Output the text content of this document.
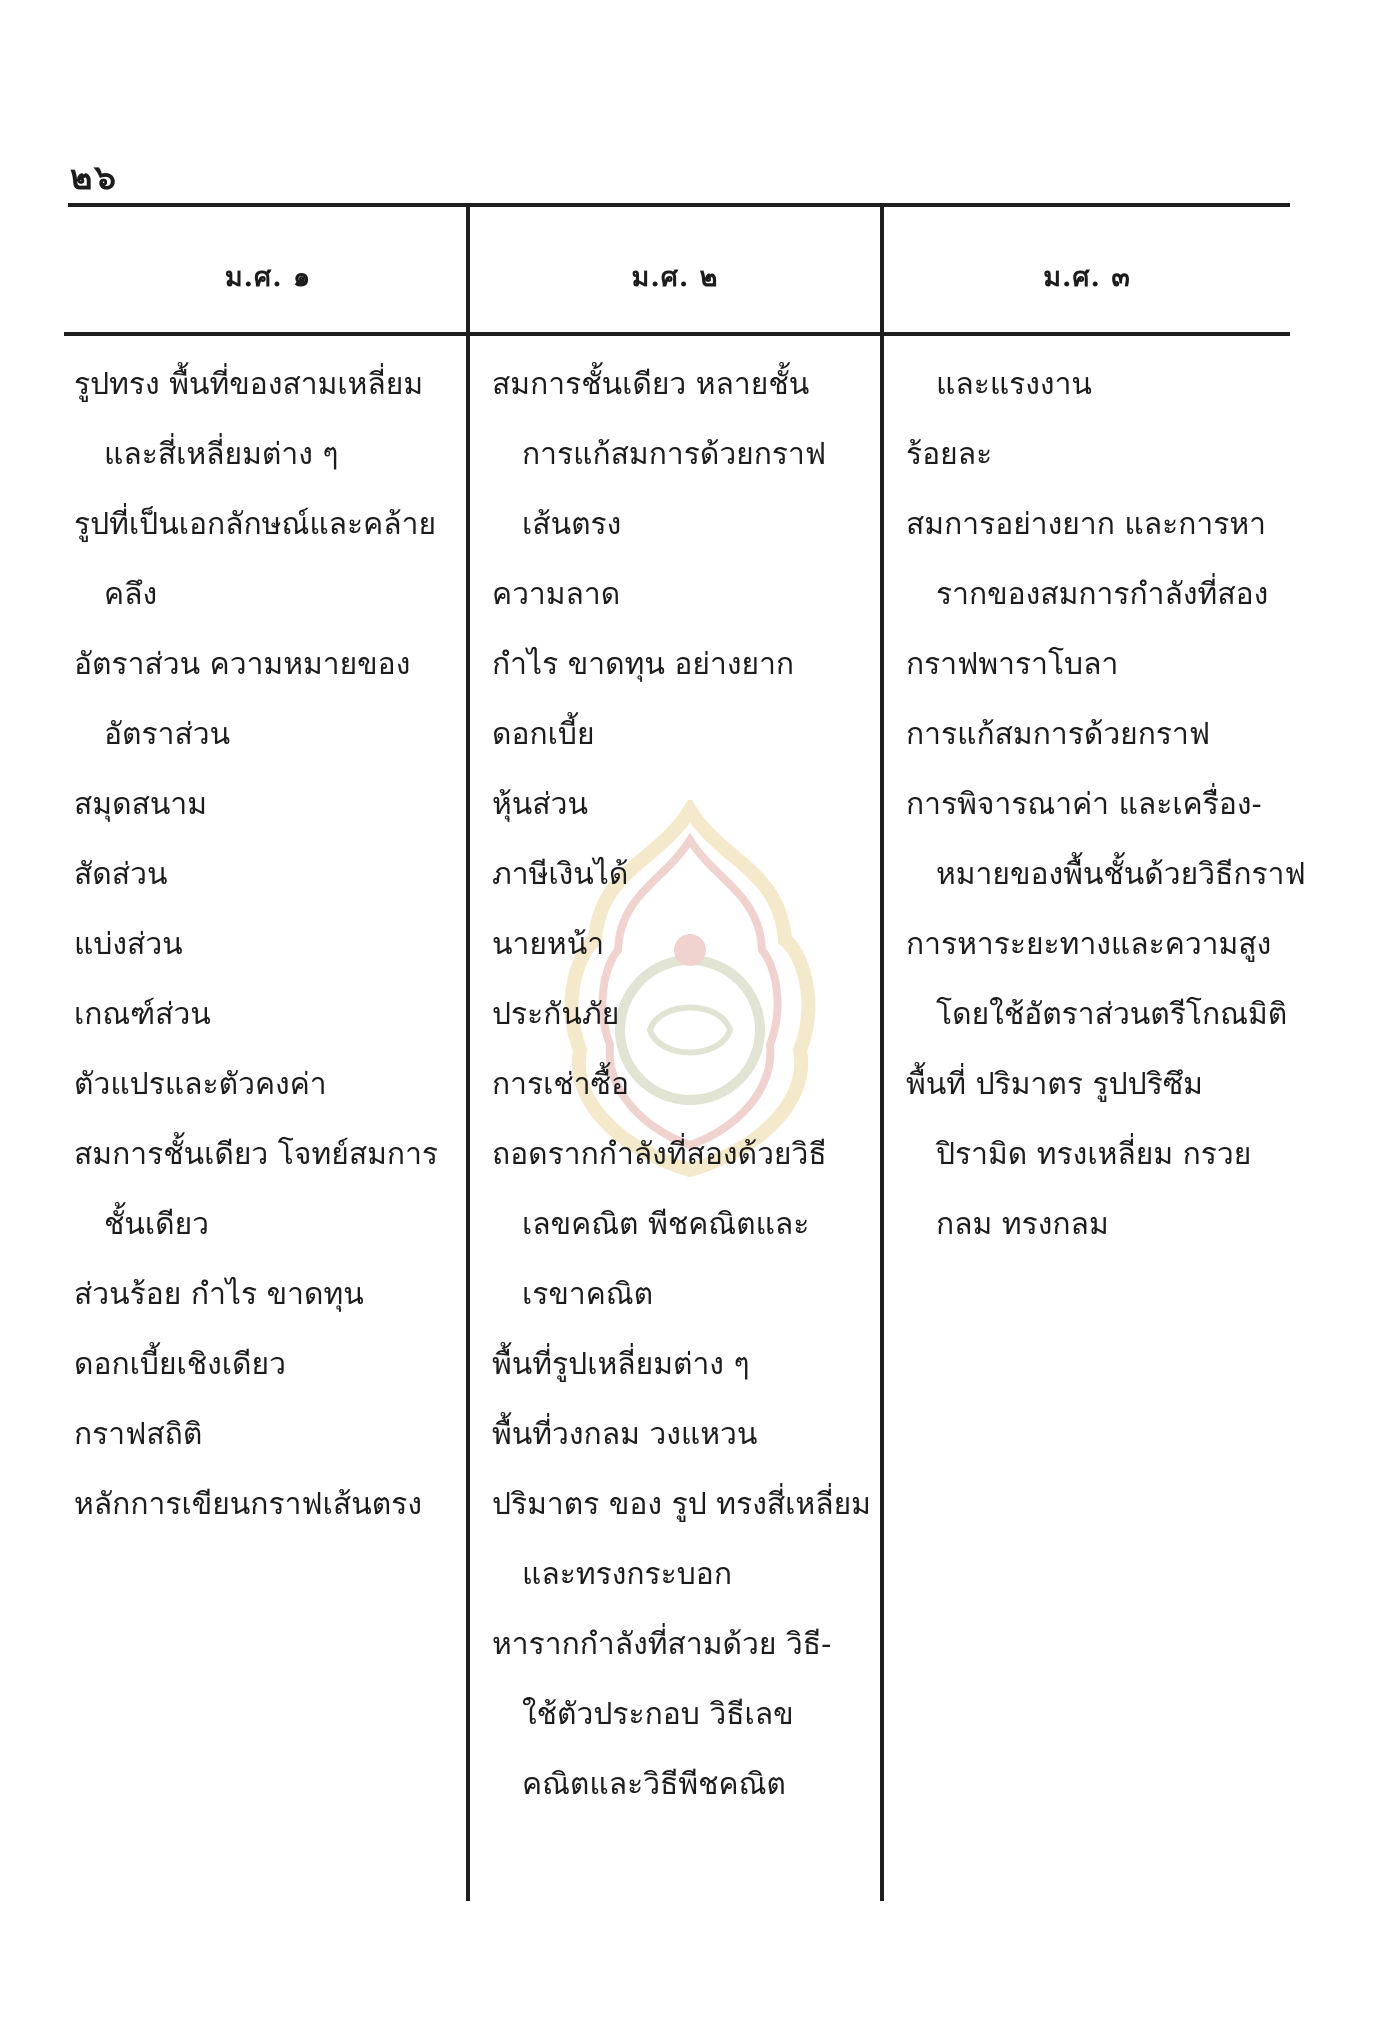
๒๖
ม.ศ. ๑	ม.ศ. ๒	ม.ศ. ๓
รูปทรง พื้นที่ของสามเหลี่ยม
และสี่เหลี่ยมต่าง ๆ
รูปที่เป็นเอกลักษณ์และคล้าย
คลึง
อัตราส่วน ความหมายของ
อัตราส่วน
สมุดสนาม
สัดส่วน
แบ่งส่วน
เกณฑ์ส่วน
ตัวแปรและตัวคงค่า
สมการชั้นเดียว โจทย์สมการ
ชั้นเดียว
ส่วนร้อย กำไร ขาดทุน
ดอกเบี้ยเชิงเดียว
กราฟสถิติ
หลักการเขียนกราฟเส้นตรง
สมการชั้นเดียว หลายชั้น
การแก้สมการด้วยกราฟ
เส้นตรง
ความลาด
กำไร ขาดทุน อย่างยาก
ดอกเบี้ย
หุ้นส่วน
ภาษีเงินได้
นายหน้า
ประกันภัย
การเช่าซื้อ
ถอดรากกำลังที่สองด้วยวิธี
เลขคณิต พีชคณิตและ
เรขาคณิต
พื้นที่รูปเหลี่ยมต่าง ๆ
พื้นที่วงกลม วงแหวน
ปริมาตร ของ รูป ทรงสี่เหลี่ยม
และทรงกระบอก
หารากกำลังที่สามด้วย วิธี-
ใช้ตัวประกอบ วิธีเลข
คณิตและวิธีพีชคณิต
และแรงงาน
ร้อยละ
สมการอย่างยาก และการหา
รากของสมการกำลังที่สอง
กราฟพาราโบลา
การแก้สมการด้วยกราฟ
การพิจารณาค่า และเครื่อง-
หมายของพื้นชั้นด้วยวิธีกราฟ
การหาระยะทางและความสูง
โดยใช้อัตราส่วนตรีโกณมิติ
พื้นที่ ปริมาตร รูปปริซึม
ปิรามิด ทรงเหลี่ยม กรวย
กลม ทรงกลม
